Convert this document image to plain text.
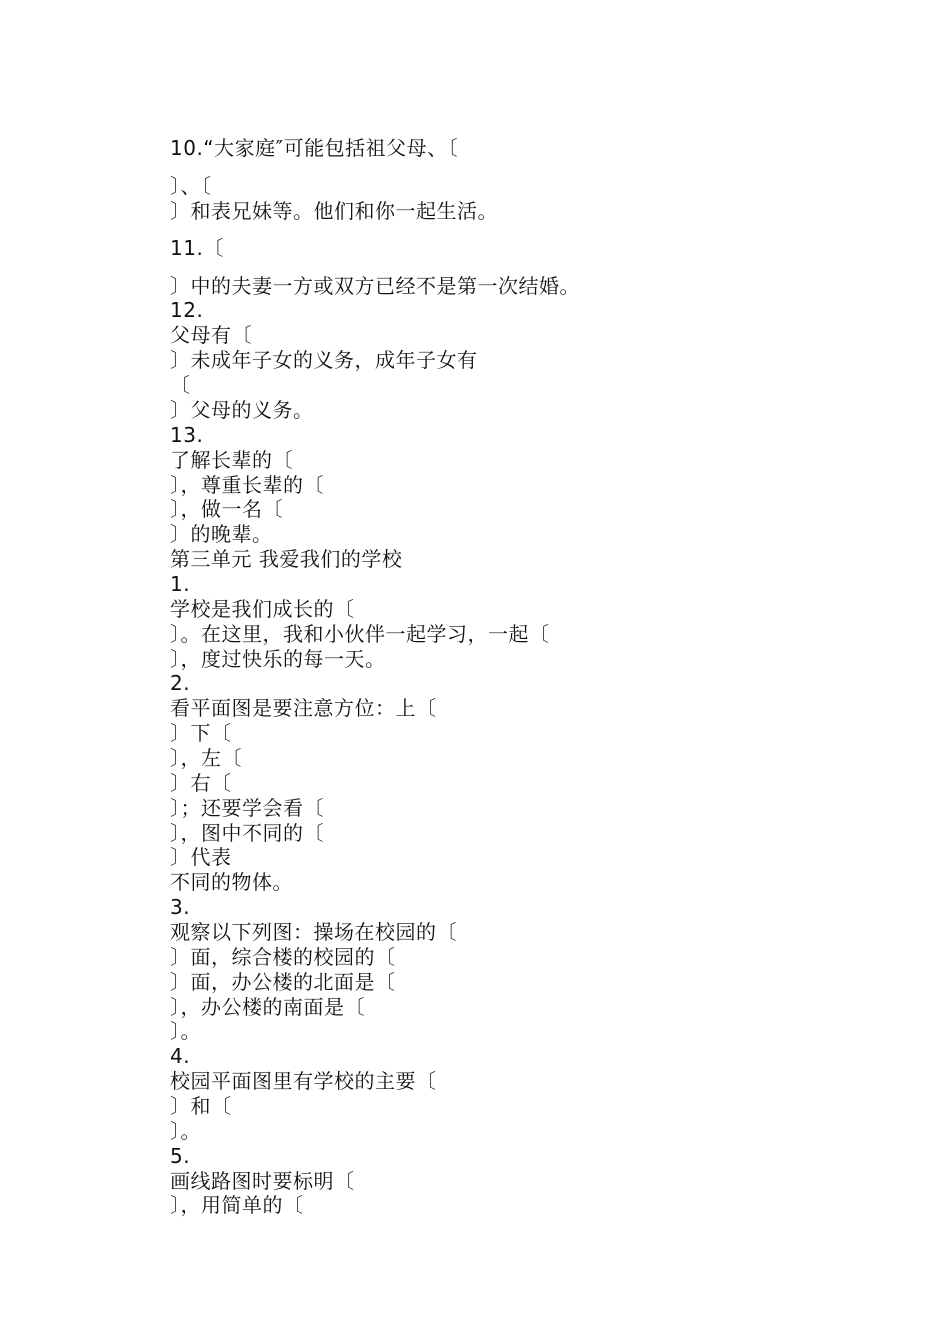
10.“大家庭″可能包括祖父母、〔
〕、〔
〕和表兄妹等。他们和你一起生活。
11.〔
〕中的夫妻一方或双方已经不是第一次结婚。
12.
父母有〔
〕未成年子女的义务，成年子女有
〔
〕父母的义务。
13.
了解长辈的〔
〕，尊重长辈的〔
〕，做一名〔
〕的晚辈。
第三单元 我爱我们的学校
1.
学校是我们成长的〔
〕。在这里，我和小伙伴一起学习，一起〔
〕，度过快乐的每一天。
2.
看平面图是要注意方位：上〔
〕下〔
〕，左〔
〕右〔
〕；还要学会看〔
〕，图中不同的〔
〕代表
不同的物体。
3.
观察以下列图：操场在校园的〔
〕面，综合楼的校园的〔
〕面，办公楼的北面是〔
〕，办公楼的南面是〔
〕。
4.
校园平面图里有学校的主要〔
〕和〔
〕。
5.
画线路图时要标明〔
〕，用简单的〔
